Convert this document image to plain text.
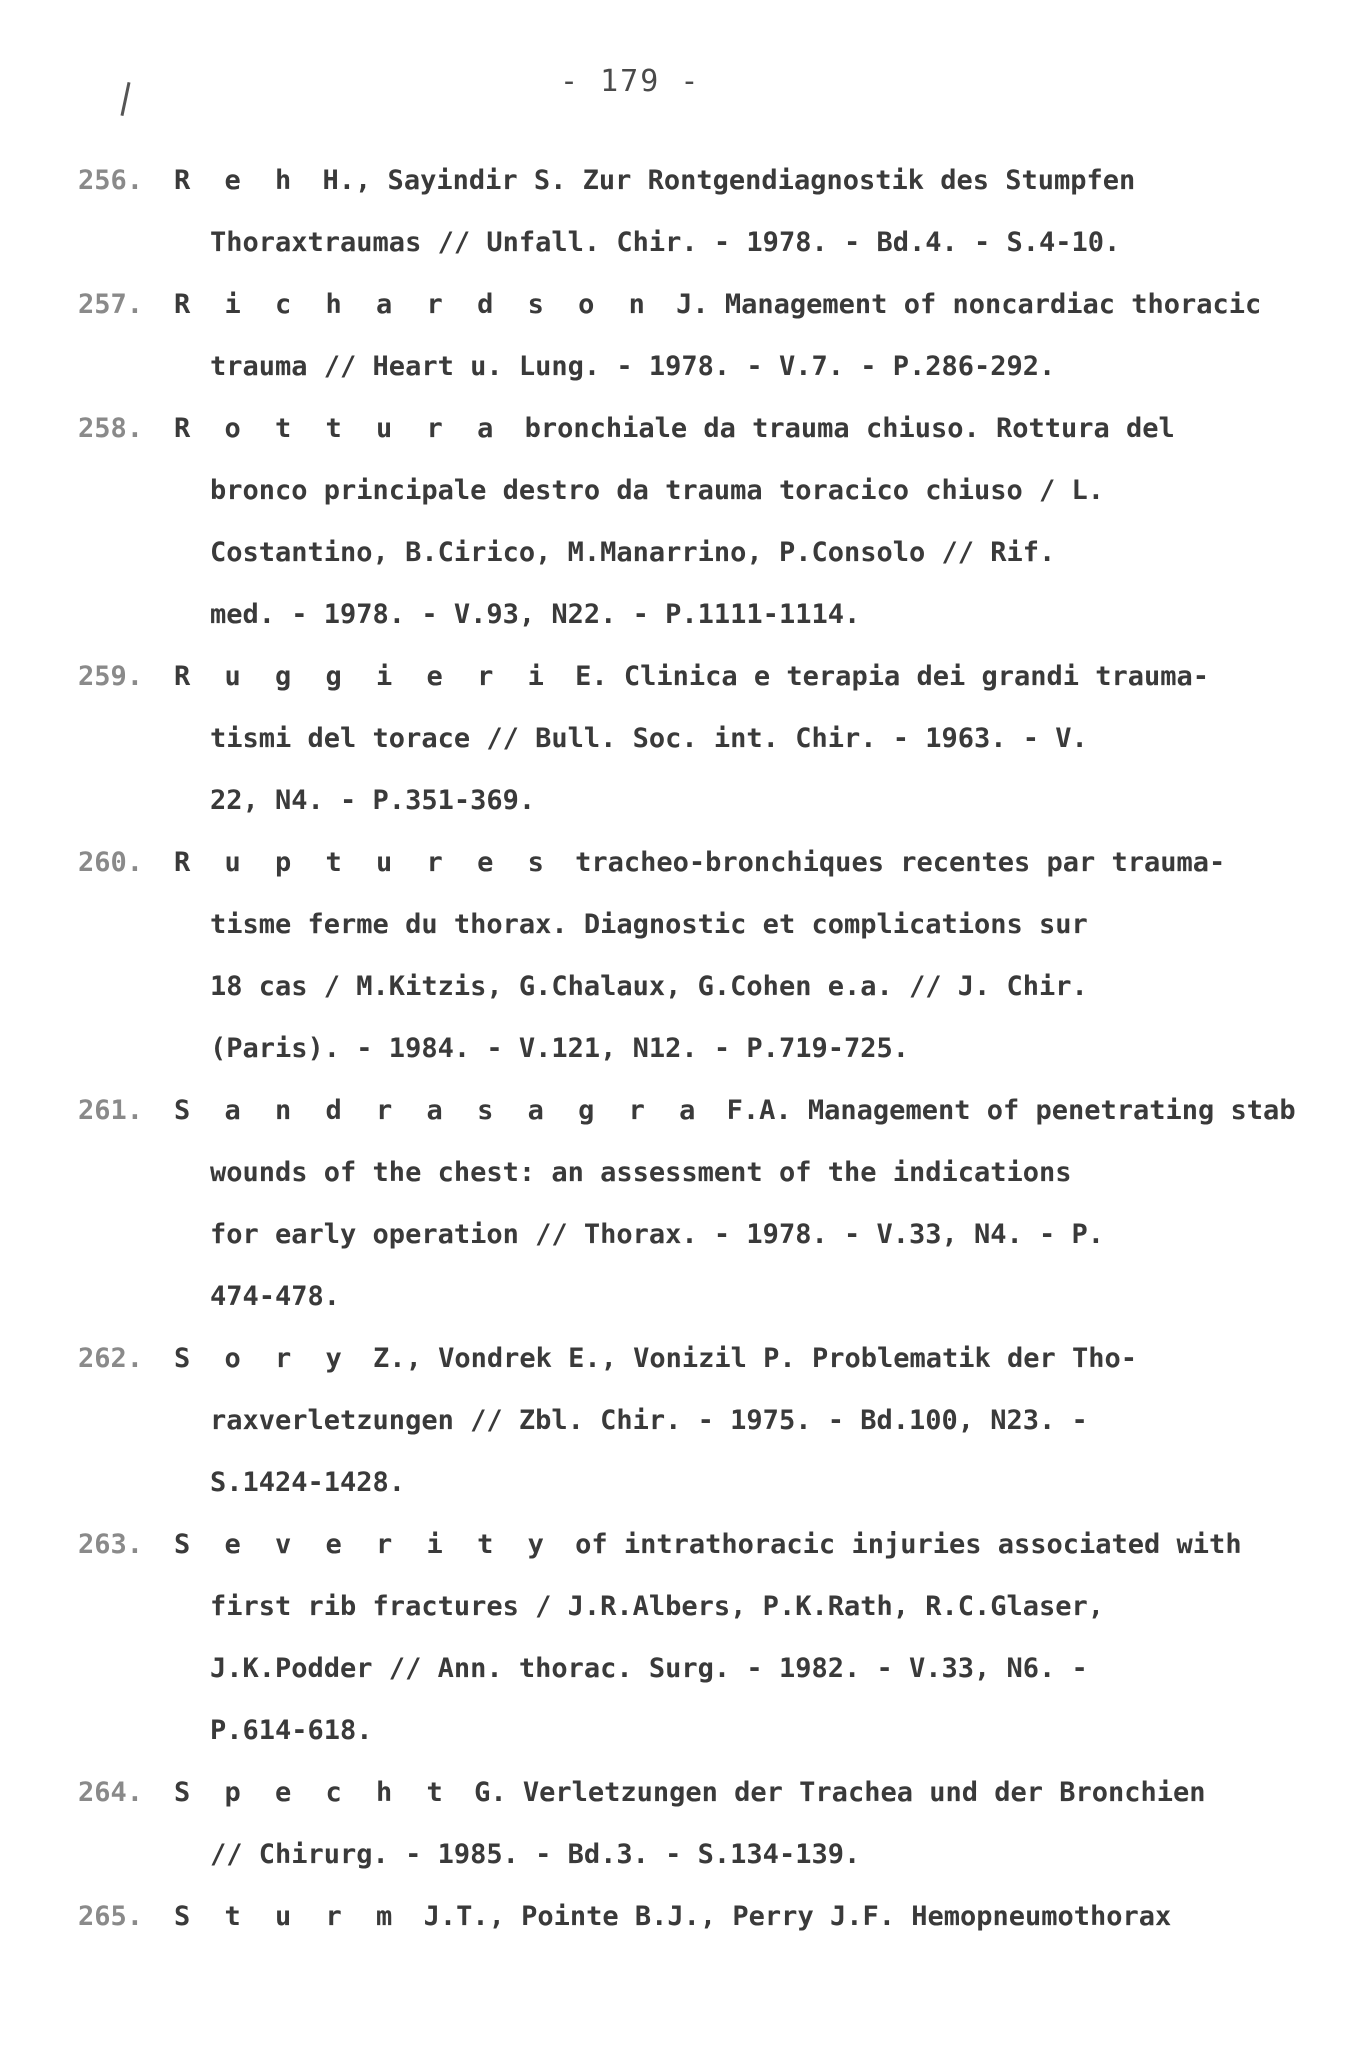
- 179 -
256. R e h H., Sayindir S. Zur Rontgendiagnostik des Stumpfen
Thoraxtraumas // Unfall. Chir. - 1978. - Bd.4. - S.4-10.
257. R i c h a r d s o n J. Management of noncardiac thoracic
trauma // Heart u. Lung. - 1978. - V.7. - P.286-292.
258. R o t t u r a bronchiale da trauma chiuso. Rottura del
bronco principale destro da trauma toracico chiuso / L.
Costantino, B.Cirico, M.Manarrino, P.Consolo // Rif.
med. - 1978. - V.93, N22. - P.1111-1114.
259. R u g g i e r i E. Clinica e terapia dei grandi trauma-
tismi del torace // Bull. Soc. int. Chir. - 1963. - V.
22, N4. - P.351-369.
260. R u p t u r e s tracheo-bronchiques recentes par trauma-
tisme ferme du thorax. Diagnostic et complications sur
18 cas / M.Kitzis, G.Chalaux, G.Cohen e.a. // J. Chir.
(Paris). - 1984. - V.121, N12. - P.719-725.
261. S a n d r a s a g r a F.A. Management of penetrating stab
wounds of the chest: an assessment of the indications
for early operation // Thorax. - 1978. - V.33, N4. - P.
474-478.
262. S o r y Z., Vondrek E., Vonizil P. Problematik der Tho-
raxverletzungen // Zbl. Chir. - 1975. - Bd.100, N23. -
S.1424-1428.
263. S e v e r i t y of intrathoracic injuries associated with
first rib fractures / J.R.Albers, P.K.Rath, R.C.Glaser,
J.K.Podder // Ann. thorac. Surg. - 1982. - V.33, N6. -
P.614-618.
264. S p e c h t G. Verletzungen der Trachea und der Bronchien
// Chirurg. - 1985. - Bd.3. - S.134-139.
265. S t u r m J.T., Pointe B.J., Perry J.F. Hemopneumothorax
